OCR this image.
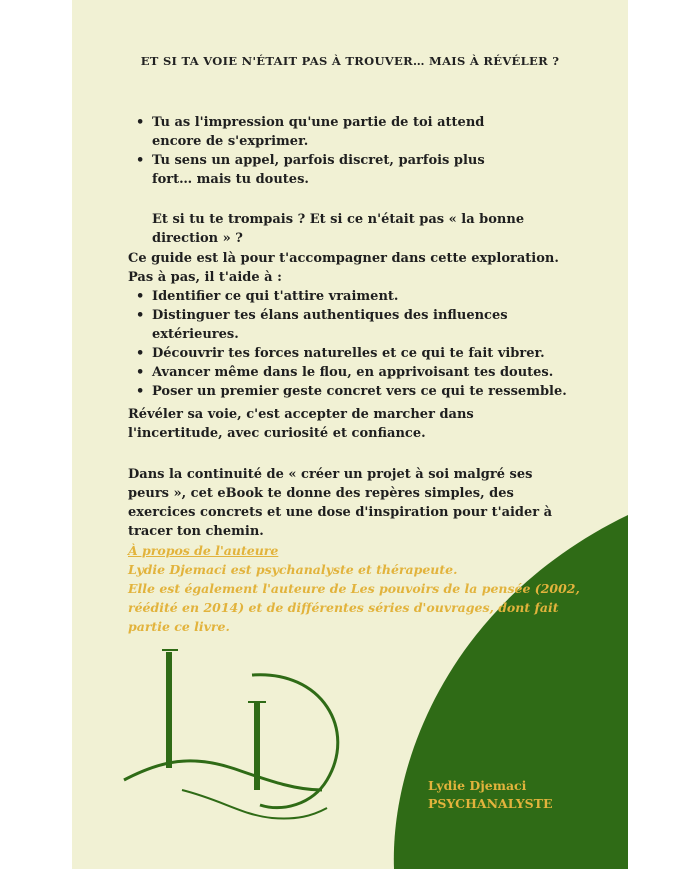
ET SI TA VOIE N'ÉTAIT PAS À TROUVER… MAIS À RÉVÉLER ?
• Tu as l'impression qu'une partie de toi attend encore de s'exprimer.
• Tu sens un appel, parfois discret, parfois plus fort… mais tu doutes.
Et si tu te trompais ? Et si ce n'était pas « la bonne direction » ?
Ce guide est là pour t'accompagner dans cette exploration.
Pas à pas, il t'aide à :
• Identifier ce qui t'attire vraiment.
• Distinguer tes élans authentiques des influences extérieures.
• Découvrir tes forces naturelles et ce qui te fait vibrer.
• Avancer même dans le flou, en apprivoisant tes doutes.
• Poser un premier geste concret vers ce qui te ressemble.
Révéler sa voie, c'est accepter de marcher dans l'incertitude, avec curiosité et confiance.
Dans la continuité de « créer un projet à soi malgré ses peurs », cet eBook te donne des repères simples, des exercices concrets et une dose d'inspiration pour t'aider à tracer ton chemin.
À propos de l'auteure
Lydie Djemaci est psychanalyste et thérapeute.
Elle est également l'auteure de Les pouvoirs de la pensée (2002, réédité en 2014) et de différentes séries d'ouvrages, dont fait partie ce livre.
Lydie Djemaci
PSYCHANALYSTE
